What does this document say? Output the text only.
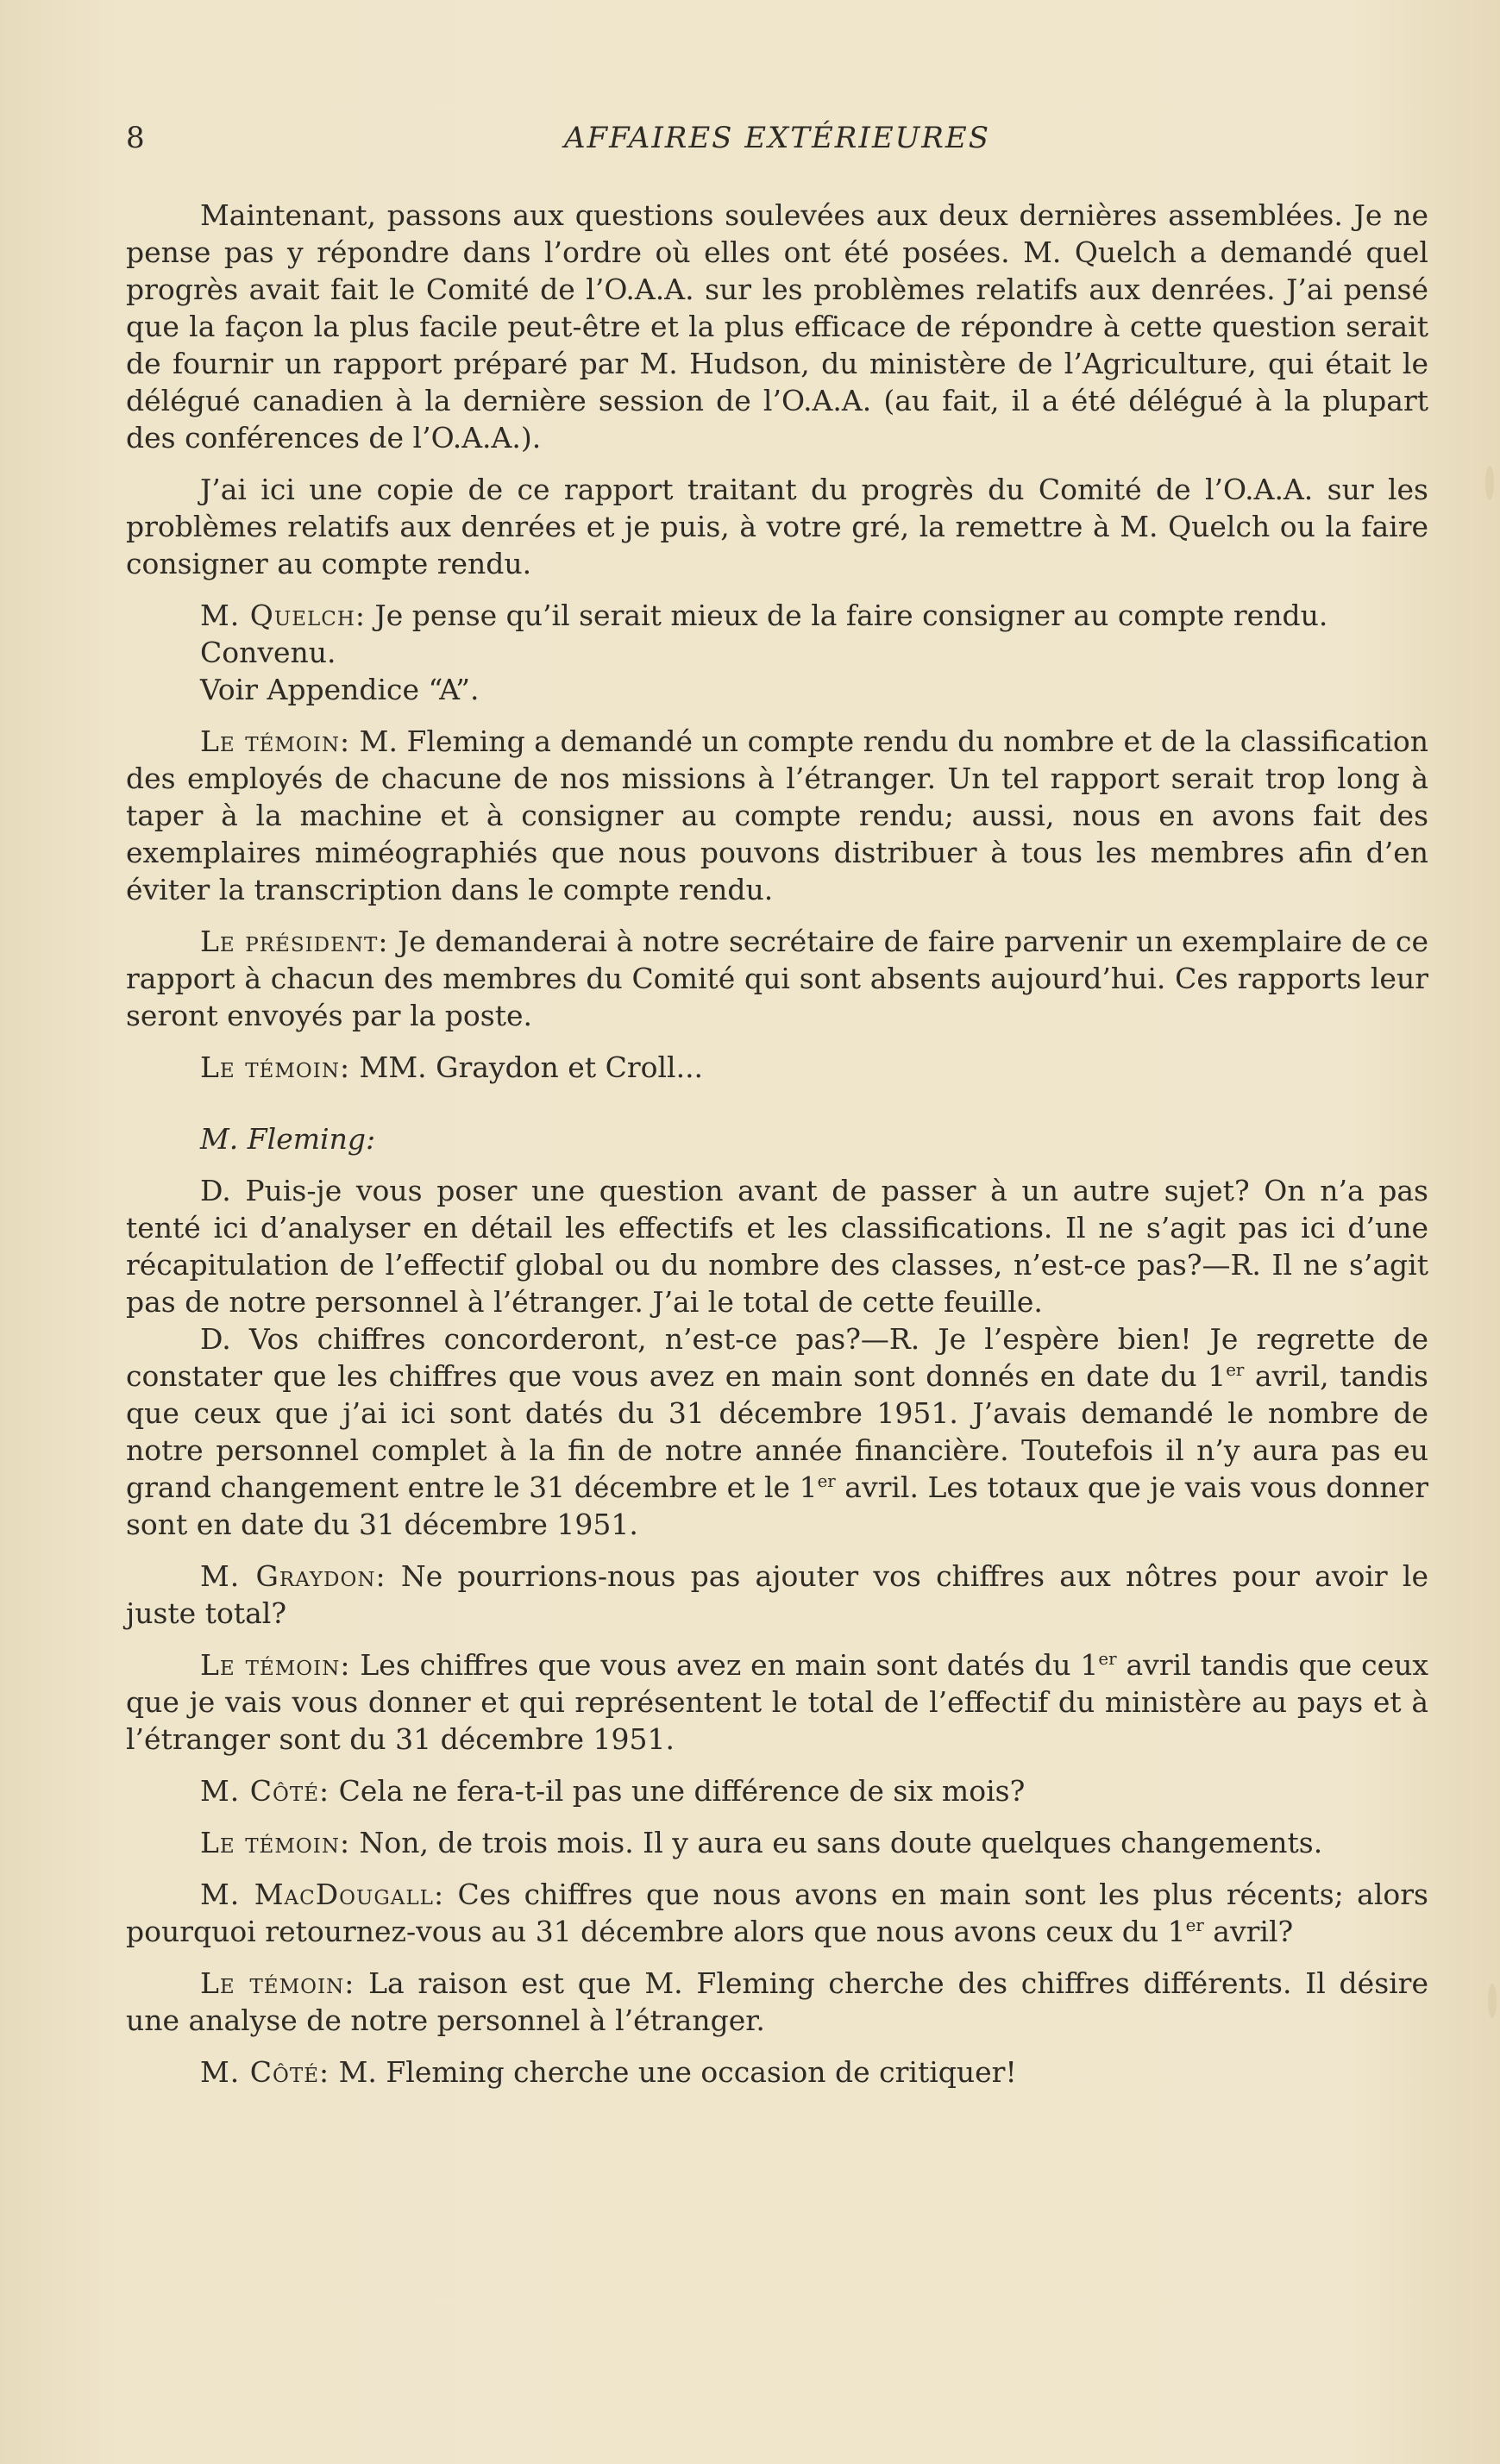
8	AFFAIRES EXTÉRIEURES

Maintenant, passons aux questions soulevées aux deux dernières assemblées. Je ne pense pas y répondre dans l’ordre où elles ont été posées. M. Quelch a demandé quel progrès avait fait le Comité de l’O.A.A. sur les problèmes relatifs aux denrées. J’ai pensé que la façon la plus facile peut-être et la plus efficace de répondre à cette question serait de fournir un rapport préparé par M. Hudson, du ministère de l’Agriculture, qui était le délégué canadien à la dernière session de l’O.A.A. (au fait, il a été délégué à la plupart des conférences de l’O.A.A.).

J’ai ici une copie de ce rapport traitant du progrès du Comité de l’O.A.A. sur les problèmes relatifs aux denrées et je puis, à votre gré, la remettre à M. Quelch ou la faire consigner au compte rendu.

M. Quelch: Je pense qu’il serait mieux de la faire consigner au compte rendu.

Convenu.

Voir Appendice “A”.

Le témoin: M. Fleming a demandé un compte rendu du nombre et de la classification des employés de chacune de nos missions à l’étranger. Un tel rapport serait trop long à taper à la machine et à consigner au compte rendu; aussi, nous en avons fait des exemplaires miméographiés que nous pouvons distribuer à tous les membres afin d’en éviter la transcription dans le compte rendu.

Le président: Je demanderai à notre secrétaire de faire parvenir un exemplaire de ce rapport à chacun des membres du Comité qui sont absents aujourd’hui. Ces rapports leur seront envoyés par la poste.

Le témoin: MM. Graydon et Croll...

M. Fleming:

D. Puis-je vous poser une question avant de passer à un autre sujet? On n’a pas tenté ici d’analyser en détail les effectifs et les classifications. Il ne s’agit pas ici d’une récapitulation de l’effectif global ou du nombre des classes, n’est-ce pas?—R. Il ne s’agit pas de notre personnel à l’étranger. J’ai le total de cette feuille.

D. Vos chiffres concorderont, n’est-ce pas?—R. Je l’espère bien! Je regrette de constater que les chiffres que vous avez en main sont donnés en date du 1er avril, tandis que ceux que j’ai ici sont datés du 31 décembre 1951. J’avais demandé le nombre de notre personnel complet à la fin de notre année financière. Toutefois il n’y aura pas eu grand changement entre le 31 décembre et le 1er avril. Les totaux que je vais vous donner sont en date du 31 décembre 1951.

M. Graydon: Ne pourrions-nous pas ajouter vos chiffres aux nôtres pour avoir le juste total?

Le témoin: Les chiffres que vous avez en main sont datés du 1er avril tandis que ceux que je vais vous donner et qui représentent le total de l’effectif du ministère au pays et à l’étranger sont du 31 décembre 1951.

M. Côté: Cela ne fera-t-il pas une différence de six mois?

Le témoin: Non, de trois mois. Il y aura eu sans doute quelques changements.

M. MacDougall: Ces chiffres que nous avons en main sont les plus récents; alors pourquoi retournez-vous au 31 décembre alors que nous avons ceux du 1er avril?

Le témoin: La raison est que M. Fleming cherche des chiffres différents. Il désire une analyse de notre personnel à l’étranger.

M. Côté: M. Fleming cherche une occasion de critiquer!
